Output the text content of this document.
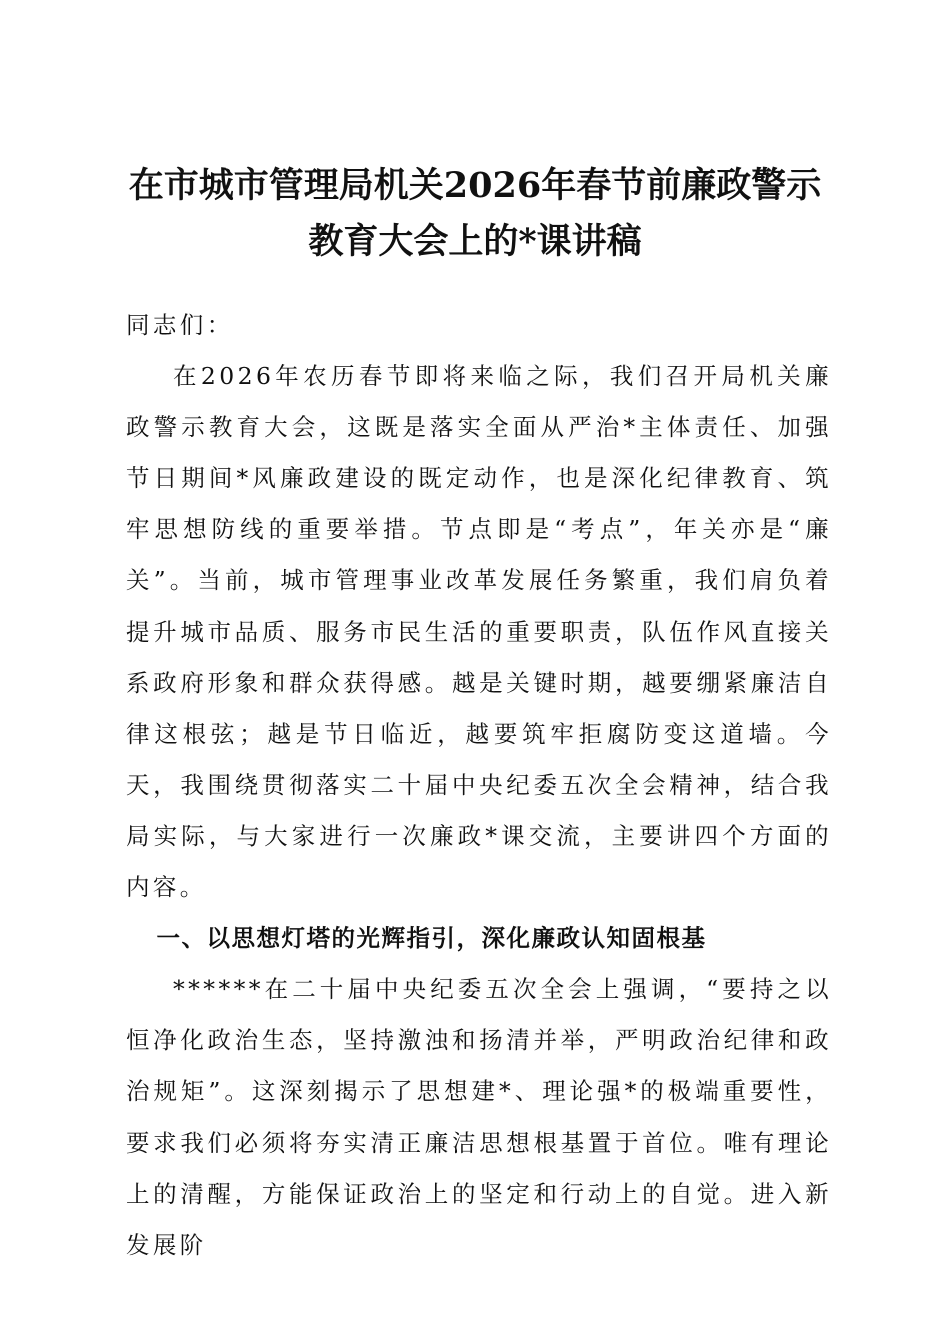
在市城市管理局机关2026年春节前廉政警示
教育大会上的*课讲稿

同志们：

在2026年农历春节即将来临之际，我们召开局机关廉政警示教育大会，这既是落实全面从严治*主体责任、加强节日期间*风廉政建设的既定动作，也是深化纪律教育、筑牢思想防线的重要举措。节点即是“考点”，年关亦是“廉关”。当前，城市管理事业改革发展任务繁重，我们肩负着提升城市品质、服务市民生活的重要职责，队伍作风直接关系政府形象和群众获得感。越是关键时期，越要绷紧廉洁自律这根弦；越是节日临近，越要筑牢拒腐防变这道墙。今天，我围绕贯彻落实二十届中央纪委五次全会精神，结合我局实际，与大家进行一次廉政*课交流，主要讲四个方面的内容。

一、以思想灯塔的光辉指引，深化廉政认知固根基

******在二十届中央纪委五次全会上强调，“要持之以恒净化政治生态，坚持激浊和扬清并举，严明政治纪律和政治规矩”。这深刻揭示了思想建*、理论强*的极端重要性，要求我们必须将夯实清正廉洁思想根基置于首位。唯有理论上的清醒，方能保证政治上的坚定和行动上的自觉。进入新发展阶
